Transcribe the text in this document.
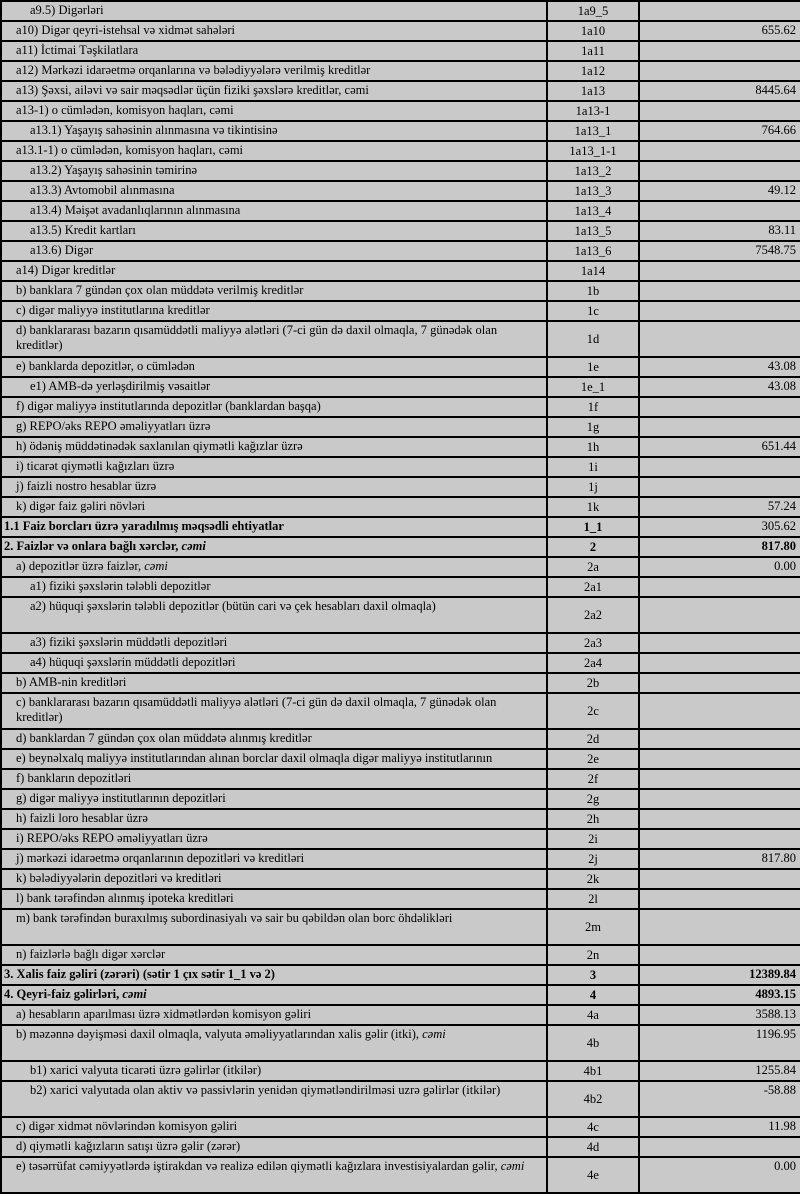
a9.5) Digərləri	1a9_5	
a10) Digər qeyri-istehsal və xidmət sahələri	1a10	655.62
a11) İctimai Təşkilatlara	1a11	
a12) Mərkəzi idarəetmə orqanlarına və bələdiyyələrə verilmiş kreditlər	1a12	
a13) Şəxsi, ailəvi və sair məqsədlər üçün fiziki şəxslərə kreditlər, cəmi	1a13	8445.64
a13-1) o cümlədən, komisyon haqları, cəmi	1a13-1	
a13.1) Yaşayış sahəsinin alınmasına və tikintisinə	1a13_1	764.66
a13.1-1) o cümlədən, komisyon haqları, cəmi	1a13_1-1	
a13.2) Yaşayış sahəsinin təmirinə	1a13_2	
a13.3) Avtomobil alınmasına	1a13_3	49.12
a13.4) Məişət avadanlıqlarının alınmasına	1a13_4	
a13.5) Kredit kartları	1a13_5	83.11
a13.6) Digər	1a13_6	7548.75
a14) Digər kreditlər	1a14	
b) banklara 7 gündən çox olan müddətə verilmiş kreditlər	1b	
c) digər maliyyə institutlarına kreditlər	1c	
d) banklararası bazarın qısamüddətli maliyyə alətləri (7-ci gün də daxil olmaqla, 7 günədək olan kreditlər)	1d	
e) banklarda depozitlər, o cümlədən	1e	43.08
e1) AMB-də yerləşdirilmiş vəsaitlər	1e_1	43.08
f) digər maliyyə institutlarında depozitlər (banklardan başqa)	1f	
g) REPO/əks REPO əməliyyatları üzrə	1g	
h) ödəniş müddətinədək saxlanılan qiymətli kağızlar üzrə	1h	651.44
i) ticarət qiymətli kağızları üzrə	1i	
j) faizli nostro hesablar üzrə	1j	
k) digər faiz gəliri növləri	1k	57.24
1.1 Faiz borcları üzrə yaradılmış məqsədli ehtiyatlar	1_1	305.62
2. Faizlər və onlara bağlı xərclər, cəmi	2	817.80
a) depozitlər üzrə faizlər, cəmi	2a	0.00
a1) fiziki şəxslərin tələbli depozitlər	2a1	
a2) hüquqi şəxslərin tələbli depozitlər (bütün cari və çek hesabları daxil olmaqla)	2a2	
a3) fiziki şəxslərin müddətli depozitləri	2a3	
a4) hüquqi şəxslərin müddətli depozitləri	2a4	
b) AMB-nin kreditləri	2b	
c) banklararası bazarın qısamüddətli maliyyə alətləri (7-ci gün də daxil olmaqla, 7 günədək olan kreditlər)	2c	
d) banklardan 7 gündən çox olan müddətə alınmış kreditlər	2d	
e) beynəlxalq maliyyə institutlarından alınan borclar daxil olmaqla digər maliyyə institutlarının	2e	
f) bankların depozitləri	2f	
g) digər maliyyə institutlarının depozitləri	2g	
h) faizli loro hesablar üzrə	2h	
i) REPO/əks REPO əməliyyatları üzrə	2i	
j) mərkəzi idarəetmə orqanlarının depozitləri və kreditləri	2j	817.80
k) bələdiyyələrin depozitləri və kreditləri	2k	
l) bank tərəfindən alınmış ipoteka kreditləri	2l	
m) bank tərəfindən buraxılmış subordinasiyalı və sair bu qəbildən olan borc öhdəlikləri	2m	
n) faizlərlə bağlı digər xərclər	2n	
3. Xalis faiz gəliri (zərəri) (sətir 1 çıx sətir 1_1 və 2)	3	12389.84
4. Qeyri-faiz gəlirləri, cəmi	4	4893.15
a) hesabların aparılması üzrə xidmətlərdən komisyon gəliri	4a	3588.13
b) məzənnə dəyişməsi daxil olmaqla, valyuta əməliyyatlarından xalis gəlir (itki), cəmi	4b	1196.95
b1) xarici valyuta ticarəti üzrə gəlirlər (itkilər)	4b1	1255.84
b2) xarici valyutada olan aktiv və passivlərin yenidən qiymətləndirilməsi uzrə gəlirlər (itkilər)	4b2	-58.88
c) digər xidmət növlərindən komisyon gəliri	4c	11.98
d) qiymətli kağızların satışı üzrə gəlir (zərər)	4d	
e) təsərrüfat cəmiyyətlərdə iştirakdan və realizə edilən qiymətli kağızlara investisiyalardan gəlir, cəmi	4e	0.00
